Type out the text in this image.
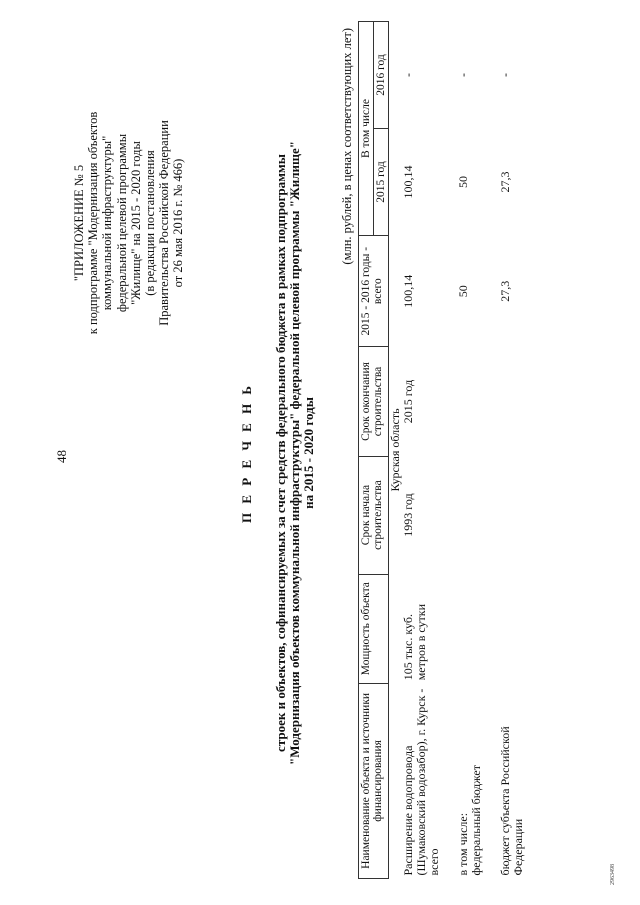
48
"ПРИЛОЖЕНИЕ № 5 к подпрограмме "Модернизация объектов коммунальной инфраструктуры" федеральной целевой программы "Жилище" на 2015 - 2020 годы (в редакции постановления Правительства Российской Федерации от 26 мая 2016 г. № 466)
П Е Р Е Ч Е Н Ь строек и объектов, софинансируемых за счет средств федерального бюджета в рамках подпрограммы "Модернизация объектов коммунальной инфраструктуры" федеральной целевой программы "Жилище" на 2015 - 2020 годы
(млн. рублей, в ценах соответствующих лет)
Наименование объекта и источники финансирования	Мощность объекта	Срок начала строительства	Срок окончания строительства	2015 - 2016 годы - всего	В том числе	
					2015 год	2016 год
Курская область						
Расширение водопровода (Шумаковский водозабор), г. Курск - всего	105 тыс. куб. метров в сутки	1993 год	2015 год	100,14	100,14	-

в том числе: федеральный бюджет				50	50	-
бюджет субъекта Российской Федерации				27,3	27,3	-
2963498
